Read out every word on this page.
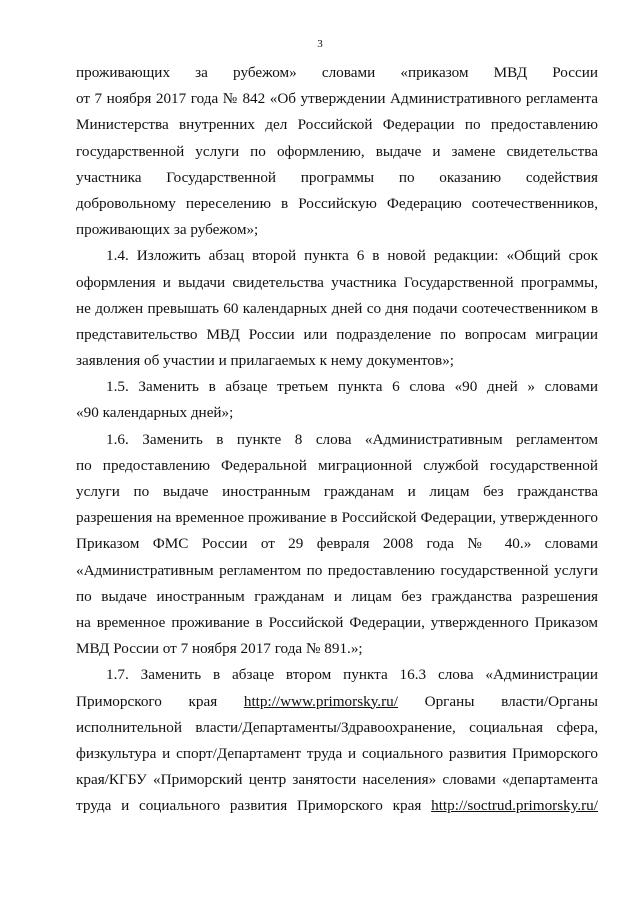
3
проживающих за рубежом» словами «приказом МВД России
от 7 ноября 2017 года № 842 «Об утверждении Административного регламента
Министерства внутренних дел Российской Федерации по предоставлению
государственной услуги по оформлению, выдаче и замене свидетельства
участника Государственной программы по оказанию содействия
добровольному переселению в Российскую Федерацию соотечественников,
проживающих за рубежом»;
1.4. Изложить абзац второй пункта 6 в новой редакции: «Общий срок
оформления и выдачи свидетельства участника Государственной программы,
не должен превышать 60 календарных дней со дня подачи соотечественником в
представительство МВД России или подразделение по вопросам миграции
заявления об участии и прилагаемых к нему документов»;
1.5. Заменить в абзаце третьем пункта 6 слова «90 дней » словами
«90 календарных дней»;
1.6. Заменить в пункте 8 слова «Административным регламентом
по предоставлению Федеральной миграционной службой государственной
услуги по выдаче иностранным гражданам и лицам без гражданства
разрешения на временное проживание в Российской Федерации, утвержденного
Приказом ФМС России от 29 февраля 2008 года № 40.» словами
«Административным регламентом по предоставлению государственной услуги
по выдаче иностранным гражданам и лицам без гражданства разрешения
на временное проживание в Российской Федерации, утвержденного Приказом
МВД России от 7 ноября 2017 года № 891.»;
1.7. Заменить в абзаце втором пункта 16.3 слова «Администрации
Приморского края http://www.primorsky.ru/ Органы власти/Органы
исполнительной власти/Департаменты/Здравоохранение, социальная сфера,
физкультура и спорт/Департамент труда и социального развития Приморского
края/КГБУ «Приморский центр занятости населения» словами «департамента
труда и социального развития Приморского края http://soctrud.primorsky.ru/
